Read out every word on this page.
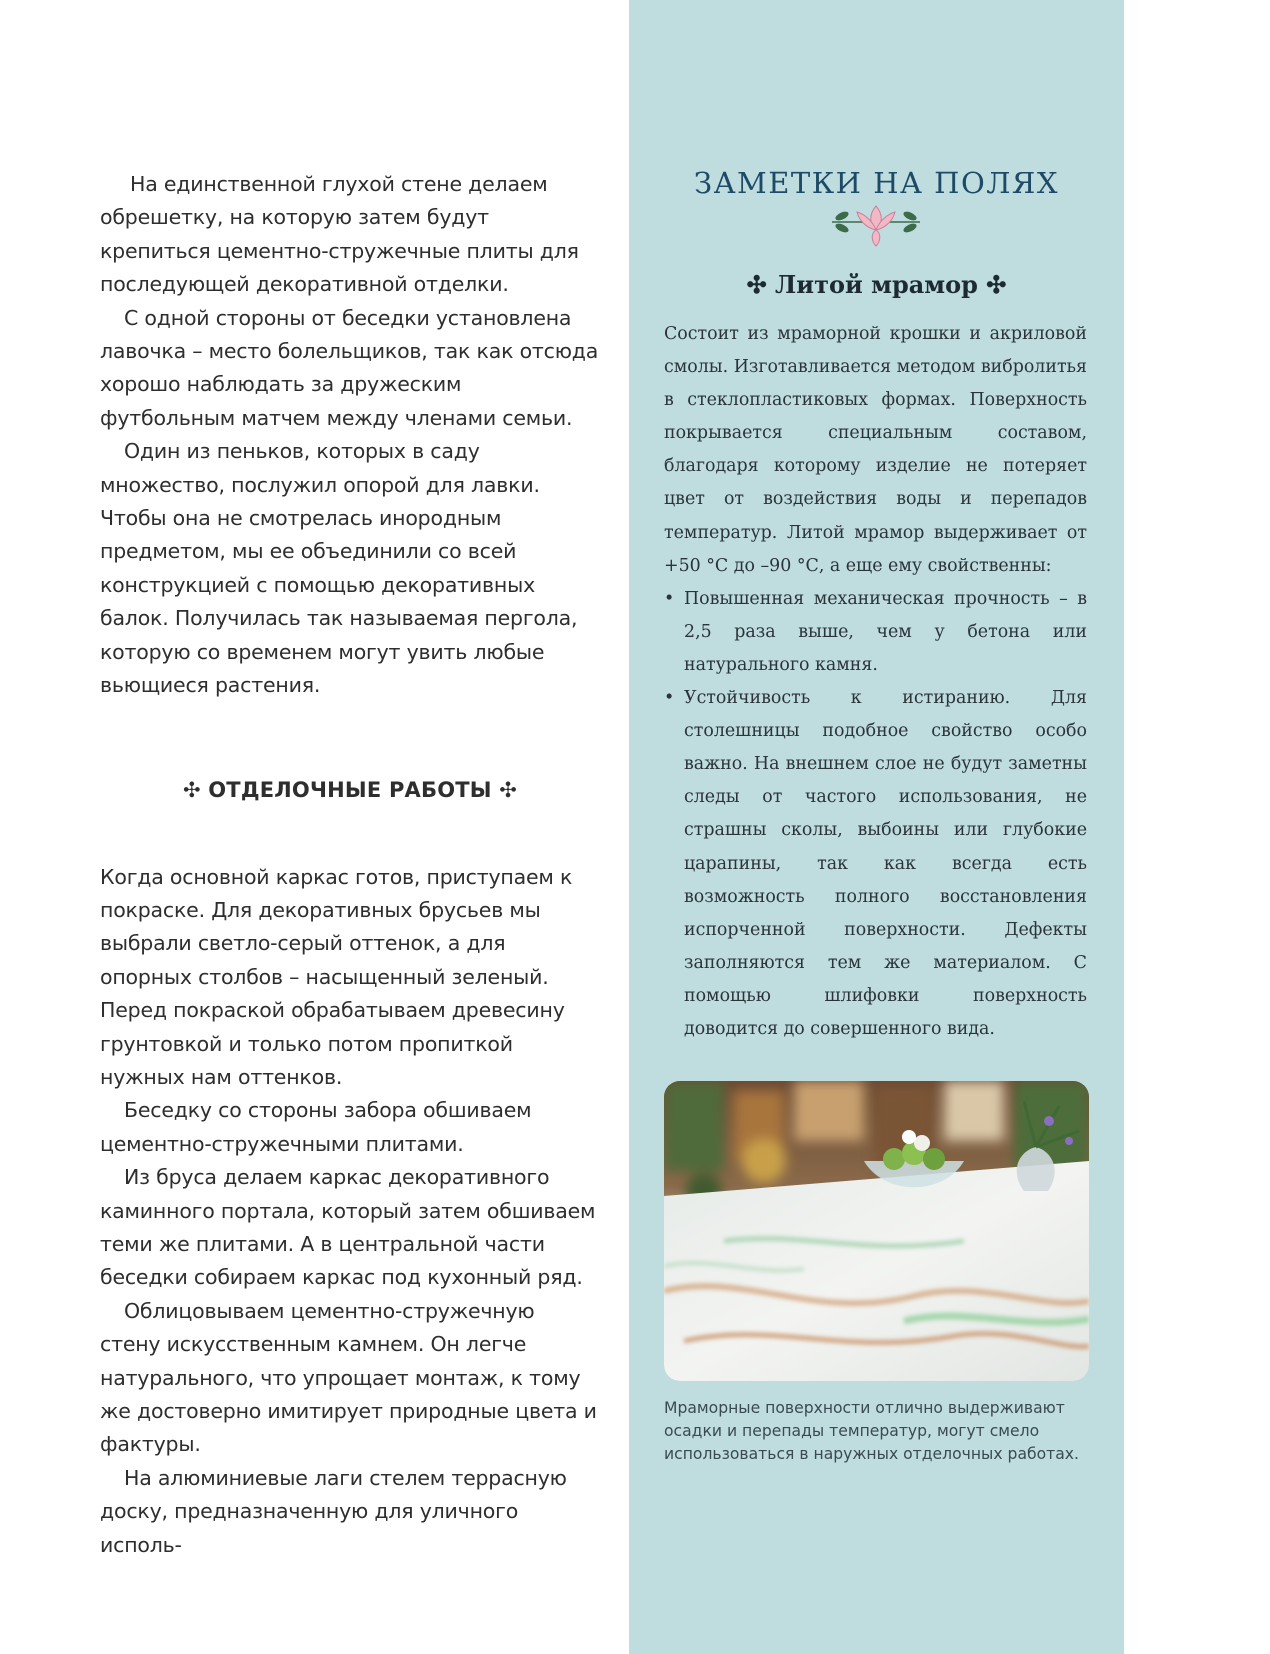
На единственной глухой стене делаем обрешетку, на которую затем будут крепиться цементно-стружечные плиты для последующей декоративной отделки.

С одной стороны от беседки установлена лавочка – место болельщиков, так как отсюда хорошо наблюдать за дружеским футбольным матчем между членами семьи.

Один из пеньков, которых в саду множество, послужил опорой для лавки. Чтобы она не смотрелась инородным предметом, мы ее объединили со всей конструкцией с помощью декоративных балок. Получилась так называемая пергола, которую со временем могут увить любые вьющиеся растения.

✣ ОТДЕЛОЧНЫЕ РАБОТЫ ✣

Когда основной каркас готов, приступаем к покраске. Для декоративных брусьев мы выбрали светло-серый оттенок, а для опорных столбов – насыщенный зеленый. Перед покраской обрабатываем древесину грунтовкой и только потом пропиткой нужных нам оттенков.

Беседку со стороны забора обшиваем цементно-стружечными плитами.

Из бруса делаем каркас декоративного каминного портала, который затем обшиваем теми же плитами. А в центральной части беседки собираем каркас под кухонный ряд.

Облицовываем цементно-стружечную стену искусственным камнем. Он легче натурального, что упрощает монтаж, к тому же достоверно имитирует природные цвета и фактуры.

На алюминиевые лаги стелем террасную доску, предназначенную для уличного исполь-

ЗАМЕТКИ НА ПОЛЯХ
✣ Литой мрамор ✣

Состоит из мраморной крошки и акриловой смолы. Изготавливается методом вибролитья в стеклопластиковых формах. Поверхность покрывается специальным составом, благодаря которому изделие не потеряет цвет от воздействия воды и перепадов температур. Литой мрамор выдерживает от +50 °С до –90 °С, а еще ему свойственны:

• Повышенная механическая прочность – в 2,5 раза выше, чем у бетона или натурального камня.
• Устойчивость к истиранию. Для столешницы подобное свойство особо важно. На внешнем слое не будут заметны следы от частого использования, не страшны сколы, выбоины или глубокие царапины, так как всегда есть возможность полного восстановления испорченной поверхности. Дефекты заполняются тем же материалом. С помощью шлифовки поверхность доводится до совершенного вида.
Мраморные поверхности отлично выдерживают осадки и перепады температур, могут смело использоваться в наружных отделочных работах.
